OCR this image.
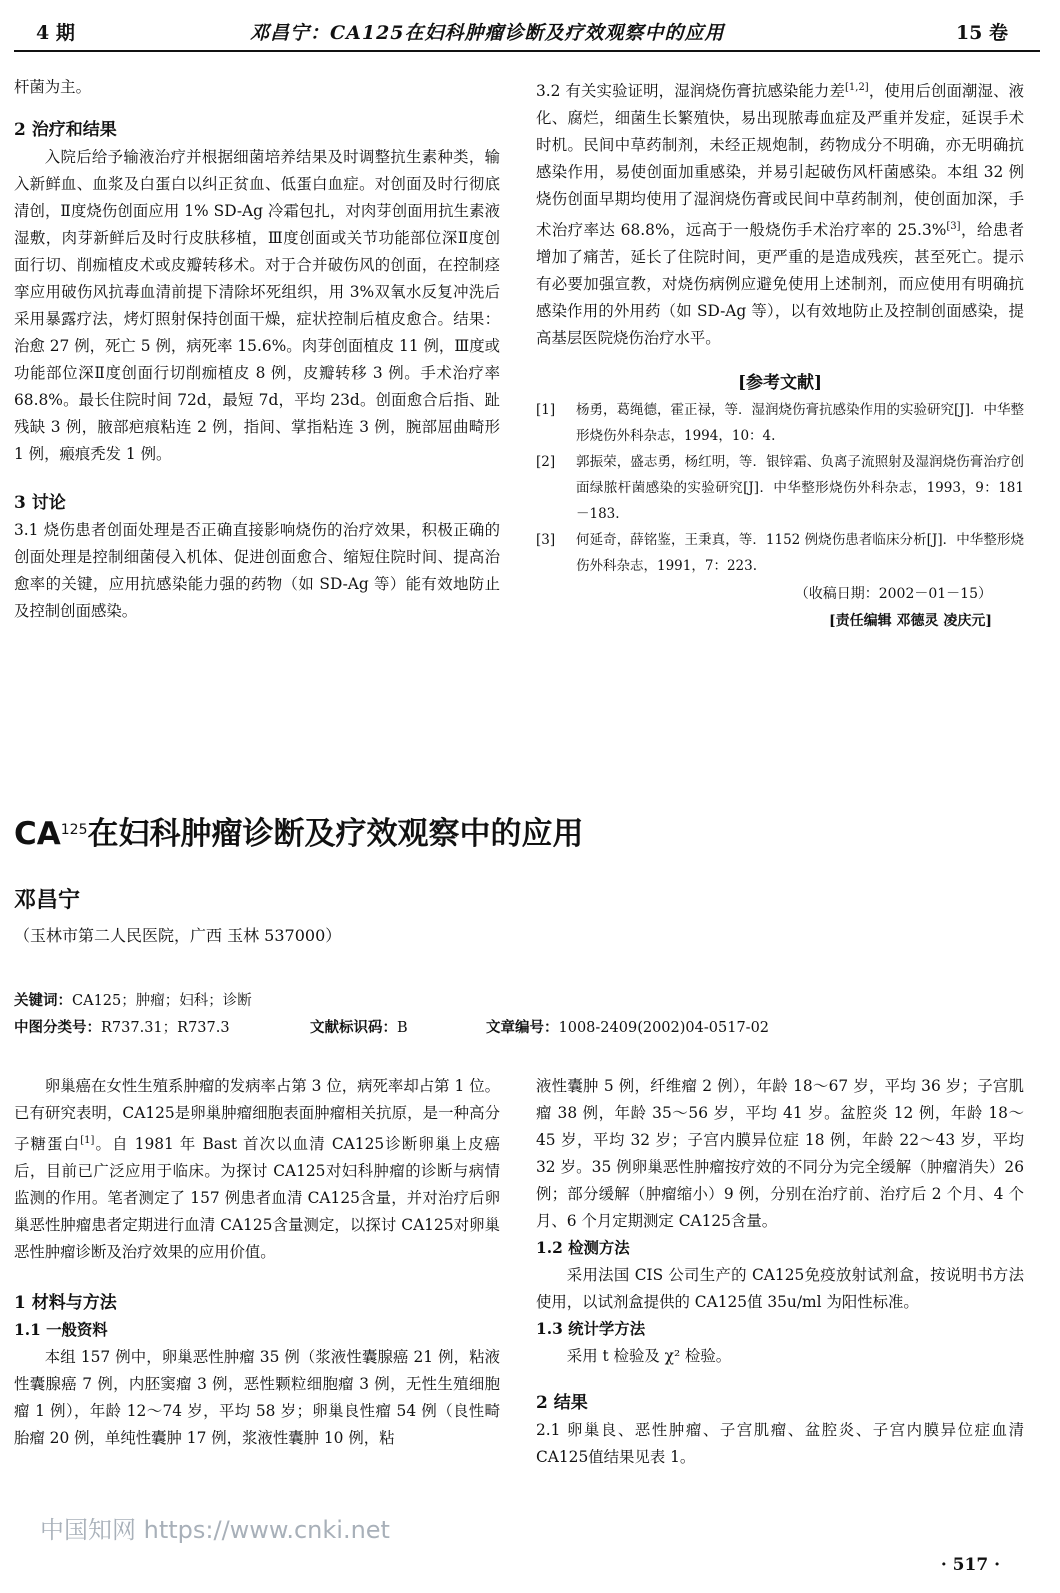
4 期	邓昌宁：CA125在妇科肿瘤诊断及疗效观察中的应用	15 卷

杆菌为主。

2 治疗和结果

入院后给予输液治疗并根据细菌培养结果及时调整抗生素种类，输入新鲜血、血浆及白蛋白以纠正贫血、低蛋白血症。对创面及时行彻底清创，Ⅱ度烧伤创面应用 1% SD-Ag 冷霜包扎，对肉芽创面用抗生素液湿敷，肉芽新鲜后及时行皮肤移植，Ⅲ度创面或关节功能部位深Ⅱ度创面行切、削痂植皮术或皮瓣转移术。对于合并破伤风的创面，在控制痉挛应用破伤风抗毒血清前提下清除坏死组织，用 3%双氧水反复冲洗后采用暴露疗法，烤灯照射保持创面干燥，症状控制后植皮愈合。结果：治愈 27 例，死亡 5 例，病死率 15.6%。肉芽创面植皮 11 例，Ⅲ度或功能部位深Ⅱ度创面行切削痂植皮 8 例，皮瓣转移 3 例。手术治疗率 68.8%。最长住院时间 72d，最短 7d，平均 23d。创面愈合后指、趾残缺 3 例，腋部疤痕粘连 2 例，指间、掌指粘连 3 例，腕部屈曲畸形 1 例，瘢痕秃发 1 例。

3 讨论

3.1 烧伤患者创面处理是否正确直接影响烧伤的治疗效果，积极正确的创面处理是控制细菌侵入机体、促进创面愈合、缩短住院时间、提高治愈率的关键，应用抗感染能力强的药物（如 SD-Ag 等）能有效地防止及控制创面感染。

3.2 有关实验证明，湿润烧伤膏抗感染能力差[1,2]，使用后创面潮湿、液化、腐烂，细菌生长繁殖快，易出现脓毒血症及严重并发症，延误手术时机。民间中草药制剂，未经正规炮制，药物成分不明确，亦无明确抗感染作用，易使创面加重感染，并易引起破伤风杆菌感染。本组 32 例烧伤创面早期均使用了湿润烧伤膏或民间中草药制剂，使创面加深，手术治疗率达 68.8%，远高于一般烧伤手术治疗率的 25.3%[3]，给患者增加了痛苦，延长了住院时间，更严重的是造成残疾，甚至死亡。提示有必要加强宣教，对烧伤病例应避免使用上述制剂，而应使用有明确抗感染作用的外用药（如 SD-Ag 等），以有效地防止及控制创面感染，提高基层医院烧伤治疗水平。

[参考文献]

[1]	杨勇，葛绳德，霍正禄，等．湿润烧伤膏抗感染作用的实验研究[J]．中华整形烧伤外科杂志，1994，10：4.
[2]	郭振荣，盛志勇，杨红明，等．银锌霜、负离子流照射及湿润烧伤膏治疗创面绿脓杆菌感染的实验研究[J]．中华整形烧伤外科杂志，1993，9：181－183.
[3]	何延奇，薛铭鉴，王秉真，等．1152 例烧伤患者临床分析[J]．中华整形烧伤外科杂志，1991，7：223.

（收稿日期：2002－01－15）

[责任编辑 邓德灵 凌庆元]

$CA_{125}$在妇科肿瘤诊断及疗效观察中的应用
邓昌宁
（玉林市第二人民医院，广西 玉林 537000）
关键词：CA125；肿瘤；妇科；诊断
中图分类号：R737.31；R737.3	文献标识码：B	文章编号：1008-2409(2002)04-0517-02

卵巢癌在女性生殖系肿瘤的发病率占第 3 位，病死率却占第 1 位。已有研究表明，CA125是卵巢肿瘤细胞表面肿瘤相关抗原，是一种高分子糖蛋白[1]。自 1981 年 Bast 首次以血清 CA125诊断卵巢上皮癌后，目前已广泛应用于临床。为探讨 CA125对妇科肿瘤的诊断与病情监测的作用。笔者测定了 157 例患者血清 CA125含量，并对治疗后卵巢恶性肿瘤患者定期进行血清 CA125含量测定，以探讨 CA125对卵巢恶性肿瘤诊断及治疗效果的应用价值。

1 材料与方法

1.1 一般资料

本组 157 例中，卵巢恶性肿瘤 35 例（浆液性囊腺癌 21 例，粘液性囊腺癌 7 例，内胚窦瘤 3 例，恶性颗粒细胞瘤 3 例，无性生殖细胞瘤 1 例），年龄 12～74 岁，平均 58 岁；卵巢良性瘤 54 例（良性畸胎瘤 20 例，单纯性囊肿 17 例，浆液性囊肿 10 例，粘

液性囊肿 5 例，纤维瘤 2 例），年龄 18～67 岁，平均 36 岁；子宫肌瘤 38 例，年龄 35～56 岁，平均 41 岁。盆腔炎 12 例，年龄 18～45 岁，平均 32 岁；子宫内膜异位症 18 例，年龄 22～43 岁，平均 32 岁。35 例卵巢恶性肿瘤按疗效的不同分为完全缓解（肿瘤消失）26 例；部分缓解（肿瘤缩小）9 例，分别在治疗前、治疗后 2 个月、4 个月、6 个月定期测定 CA125含量。

1.2 检测方法

采用法国 CIS 公司生产的 CA125免疫放射试剂盒，按说明书方法使用，以试剂盒提供的 CA125值 35u/ml 为阳性标准。

1.3 统计学方法

采用 t 检验及 χ² 检验。

2 结果

2.1 卵巢良、恶性肿瘤、子宫肌瘤、盆腔炎、子宫内膜异位症血清 CA125值结果见表 1。

中国知网 https://www.cnki.net
· 517 ·
